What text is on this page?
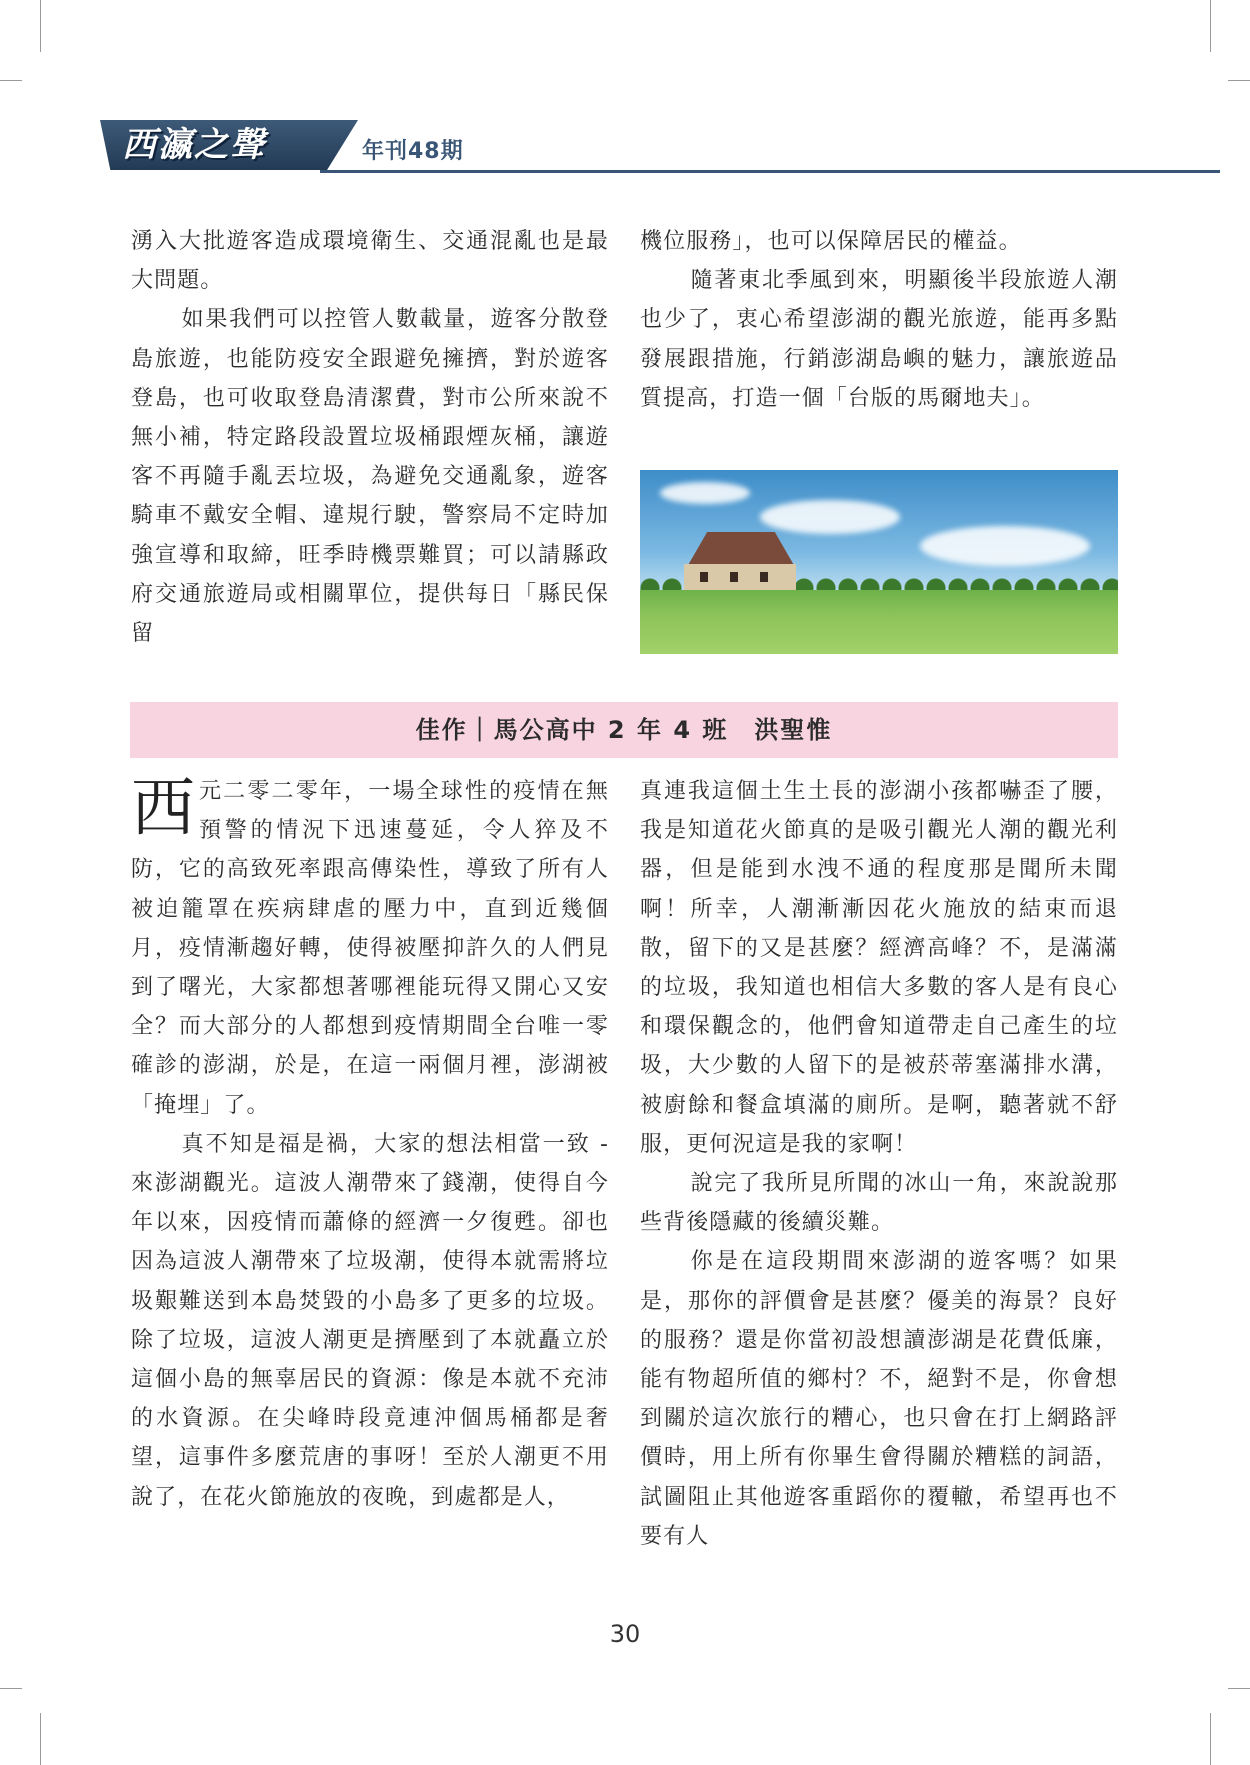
西瀛之聲	年刊48期

湧入大批遊客造成環境衛生、交通混亂也是最大問題。

如果我們可以控管人數載量，遊客分散登島旅遊，也能防疫安全跟避免擁擠，對於遊客登島，也可收取登島清潔費，對市公所來說不無小補，特定路段設置垃圾桶跟煙灰桶，讓遊客不再隨手亂丟垃圾，為避免交通亂象，遊客騎車不戴安全帽、違規行駛，警察局不定時加強宣導和取締，旺季時機票難買；可以請縣政府交通旅遊局或相關單位，提供每日「縣民保留

機位服務」，也可以保障居民的權益。

隨著東北季風到來，明顯後半段旅遊人潮也少了，衷心希望澎湖的觀光旅遊，能再多點發展跟措施，行銷澎湖島嶼的魅力，讓旅遊品質提高，打造一個「台版的馬爾地夫」。

佳作｜馬公高中 2 年 4 班　洪聖惟

西元二零二零年，一場全球性的疫情在無預警的情況下迅速蔓延，令人猝及不防，它的高致死率跟高傳染性，導致了所有人被迫籠罩在疾病肆虐的壓力中，直到近幾個月，疫情漸趨好轉，使得被壓抑許久的人們見到了曙光，大家都想著哪裡能玩得又開心又安全？而大部分的人都想到疫情期間全台唯一零確診的澎湖，於是，在這一兩個月裡，澎湖被「掩埋」了。

真不知是福是禍，大家的想法相當一致 - 來澎湖觀光。這波人潮帶來了錢潮，使得自今年以來，因疫情而蕭條的經濟一夕復甦。卻也因為這波人潮帶來了垃圾潮，使得本就需將垃圾艱難送到本島焚毀的小島多了更多的垃圾。除了垃圾，這波人潮更是擠壓到了本就矗立於這個小島的無辜居民的資源：像是本就不充沛的水資源。在尖峰時段竟連沖個馬桶都是奢望，這事件多麼荒唐的事呀！至於人潮更不用說了，在花火節施放的夜晚，到處都是人，

真連我這個土生土長的澎湖小孩都嚇歪了腰，我是知道花火節真的是吸引觀光人潮的觀光利器，但是能到水洩不通的程度那是聞所未聞啊！所幸，人潮漸漸因花火施放的結束而退散，留下的又是甚麼？經濟高峰？不，是滿滿的垃圾，我知道也相信大多數的客人是有良心和環保觀念的，他們會知道帶走自己產生的垃圾，大少數的人留下的是被菸蒂塞滿排水溝，被廚餘和餐盒填滿的廁所。是啊，聽著就不舒服，更何況這是我的家啊！

說完了我所見所聞的冰山一角，來說說那些背後隱藏的後續災難。

你是在這段期間來澎湖的遊客嗎？如果是，那你的評價會是甚麼？優美的海景？良好的服務？還是你當初設想讀澎湖是花費低廉，能有物超所值的鄉村？不，絕對不是，你會想到關於這次旅行的糟心，也只會在打上網路評價時，用上所有你畢生會得關於糟糕的詞語，試圖阻止其他遊客重蹈你的覆轍，希望再也不要有人

30
